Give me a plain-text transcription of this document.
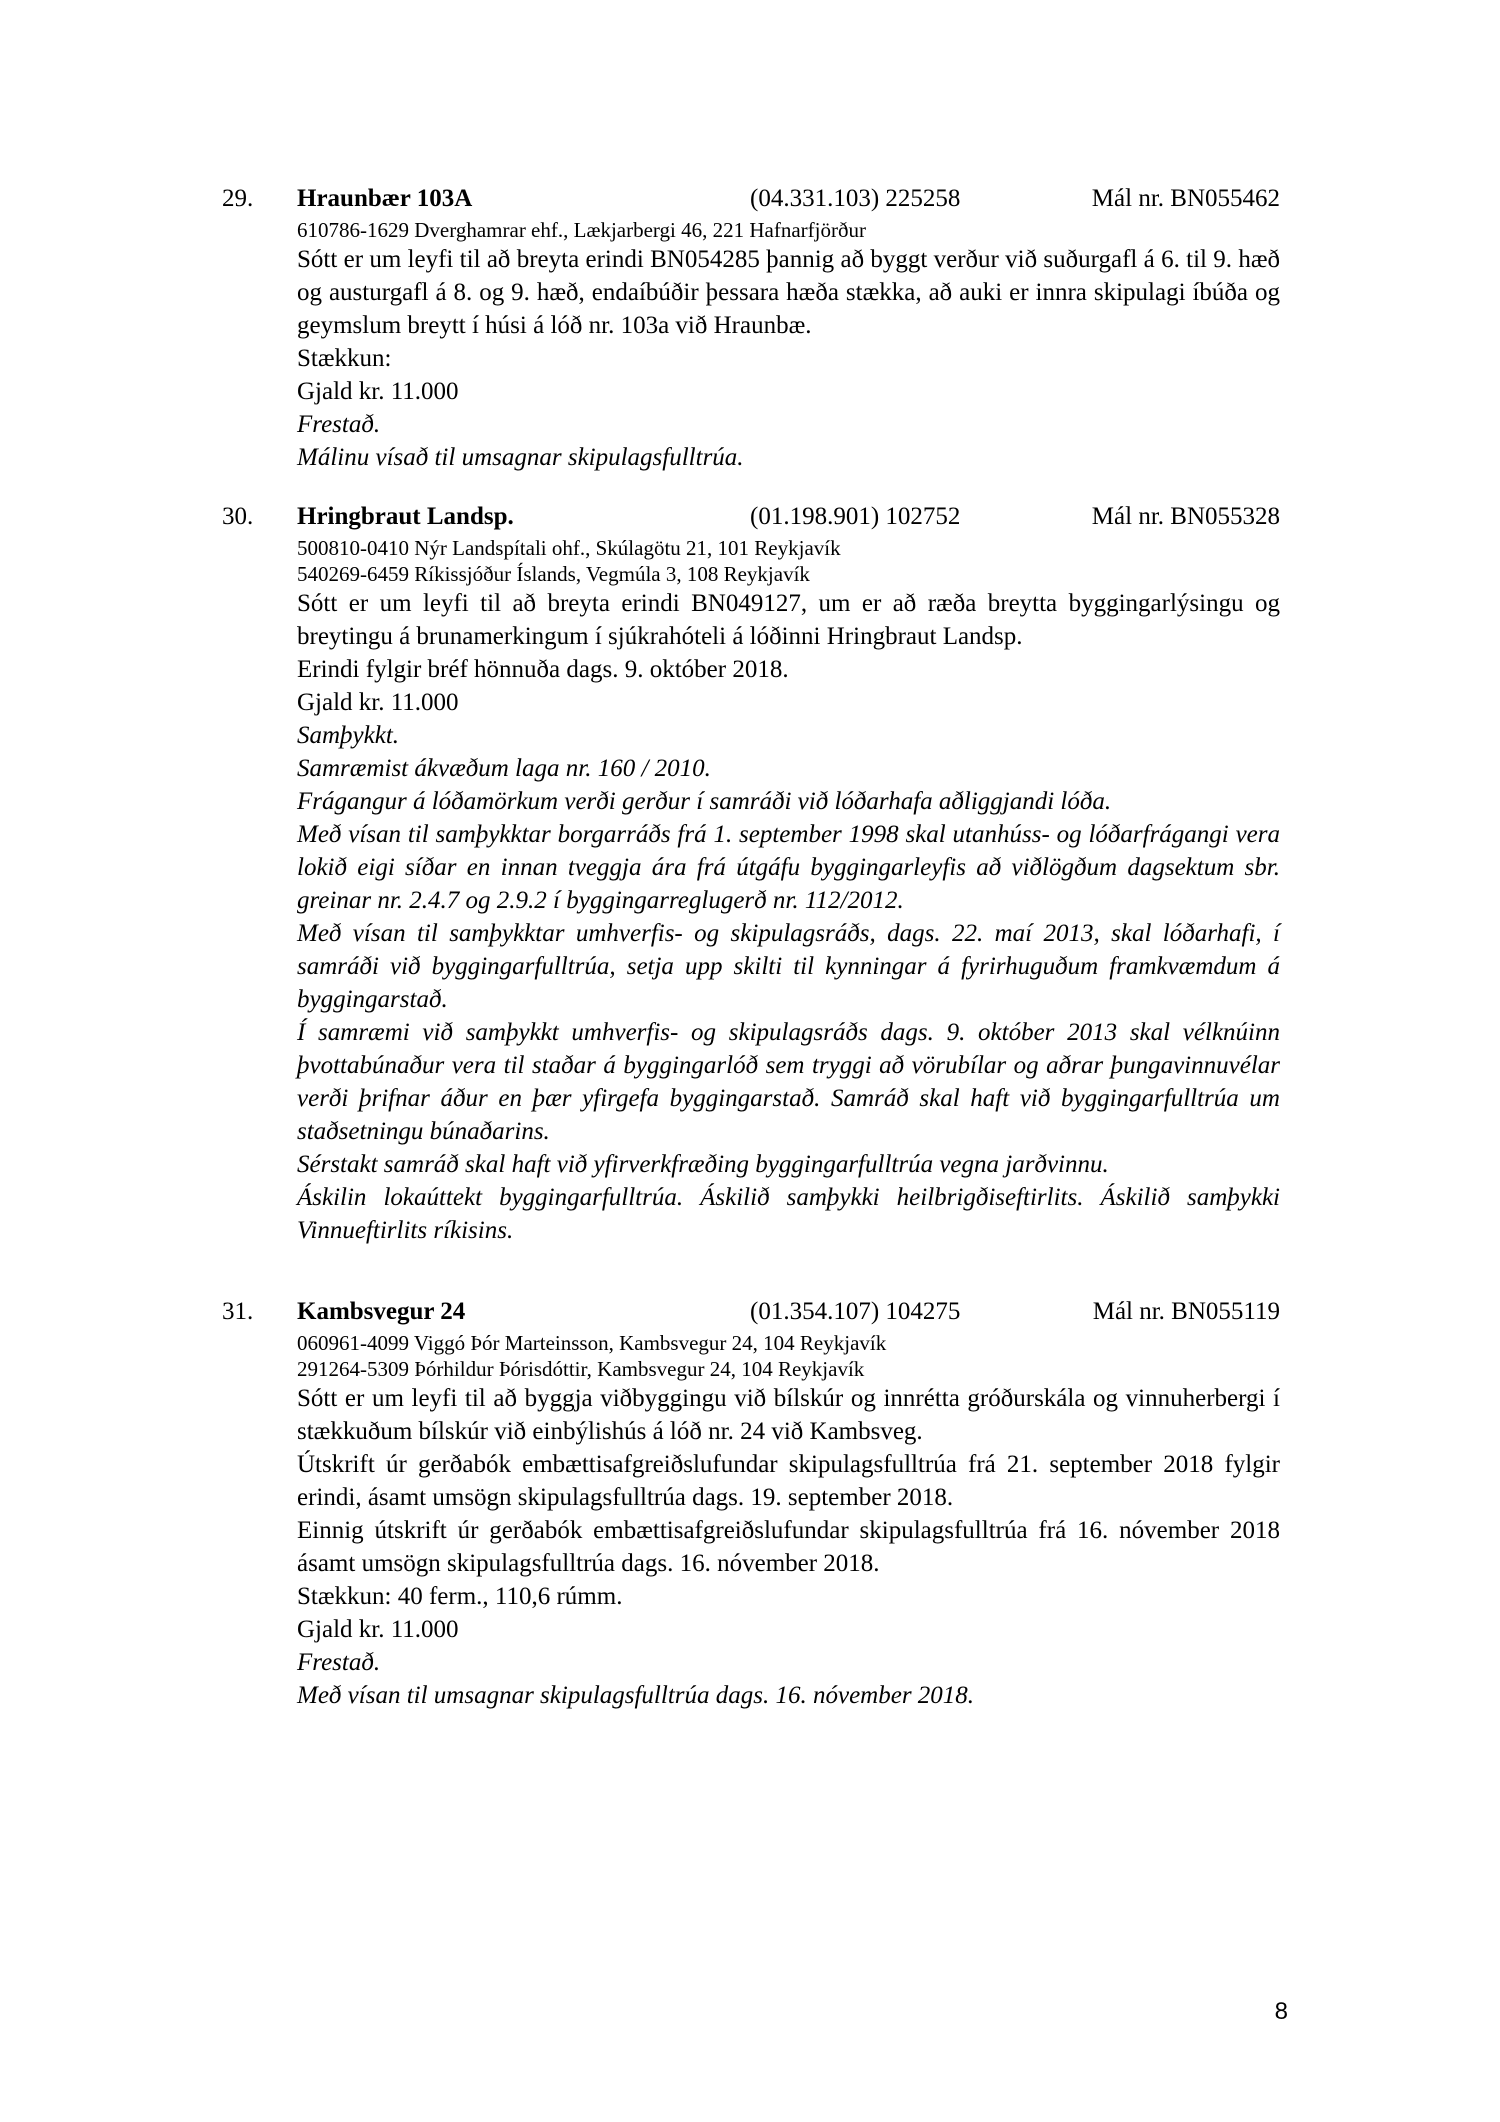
29. Hraunbær 103A	(04.331.103) 225258	Mál nr. BN055462
610786-1629 Dverghamrar ehf., Lækjarbergi 46, 221 Hafnarfjörður
Sótt er um leyfi til að breyta erindi BN054285 þannig að byggt verður við suðurgafl á 6. til 9. hæð og austurgafl á 8. og 9. hæð, endaíbúðir þessara hæða stækka, að auki er innra skipulagi íbúða og geymslum breytt í húsi á lóð nr. 103a við Hraunbæ.
Stækkun:
Gjald kr. 11.000
Frestað.
Málinu vísað til umsagnar skipulagsfulltrúa.
30. Hringbraut Landsp.	(01.198.901) 102752	Mál nr. BN055328
500810-0410 Nýr Landspítali ohf., Skúlagötu 21, 101 Reykjavík
540269-6459 Ríkissjóður Íslands, Vegmúla 3, 108 Reykjavík
Sótt er um leyfi til að breyta erindi BN049127, um er að ræða breytta byggingarlýsingu og breytingu á brunamerkingum í sjúkrahóteli á lóðinni Hringbraut Landsp.
Erindi fylgir bréf hönnuða dags. 9. október 2018.
Gjald kr. 11.000
Samþykkt.
Samræmist ákvæðum laga nr. 160 / 2010.
Frágangur á lóðamörkum verði gerður í samráði við lóðarhafa aðliggjandi lóða.
Með vísan til samþykktar borgarráðs frá 1. september 1998 skal utanhúss- og lóðarfrágangi vera lokið eigi síðar en innan tveggja ára frá útgáfu byggingarleyfis að viðlögðum dagsektum sbr. greinar nr. 2.4.7 og 2.9.2 í byggingarreglugerð nr. 112/2012.
Með vísan til samþykktar umhverfis- og skipulagsráðs, dags. 22. maí 2013, skal lóðarhafi, í samráði við byggingarfulltrúa, setja upp skilti til kynningar á fyrirhuguðum framkvæmdum á byggingarstað.
Í samræmi við samþykkt umhverfis- og skipulagsráðs dags. 9. október 2013 skal vélknúinn þvottabúnaður vera til staðar á byggingarlóð sem tryggi að vörubílar og aðrar þungavinnuvélar verði þrifnar áður en þær yfirgefa byggingarstað. Samráð skal haft við byggingarfulltrúa um staðsetningu búnaðarins.
Sérstakt samráð skal haft við yfirverkfræðing byggingarfulltrúa vegna jarðvinnu.
Áskilin lokaúttekt byggingarfulltrúa. Áskilið samþykki heilbrigðiseftirlits. Áskilið samþykki Vinnueftirlits ríkisins.
31. Kambsvegur 24	(01.354.107) 104275	Mál nr. BN055119
060961-4099 Viggó Þór Marteinsson, Kambsvegur 24, 104 Reykjavík
291264-5309 Þórhildur Þórisdóttir, Kambsvegur 24, 104 Reykjavík
Sótt er um leyfi til að byggja viðbyggingu við bílskúr og innrétta gróðurskála og vinnuherbergi í stækkuðum bílskúr við einbýlishús á lóð nr. 24 við Kambsveg.
Útskrift úr gerðabók embættisafgreiðslufundar skipulagsfulltrúa frá 21. september 2018 fylgir erindi, ásamt umsögn skipulagsfulltrúa dags. 19. september 2018.
Einnig útskrift úr gerðabók embættisafgreiðslufundar skipulagsfulltrúa frá 16. nóvember 2018 ásamt umsögn skipulagsfulltrúa dags. 16. nóvember 2018.
Stækkun: 40 ferm., 110,6 rúmm.
Gjald kr. 11.000
Frestað.
Með vísan til umsagnar skipulagsfulltrúa dags. 16. nóvember 2018.
8
